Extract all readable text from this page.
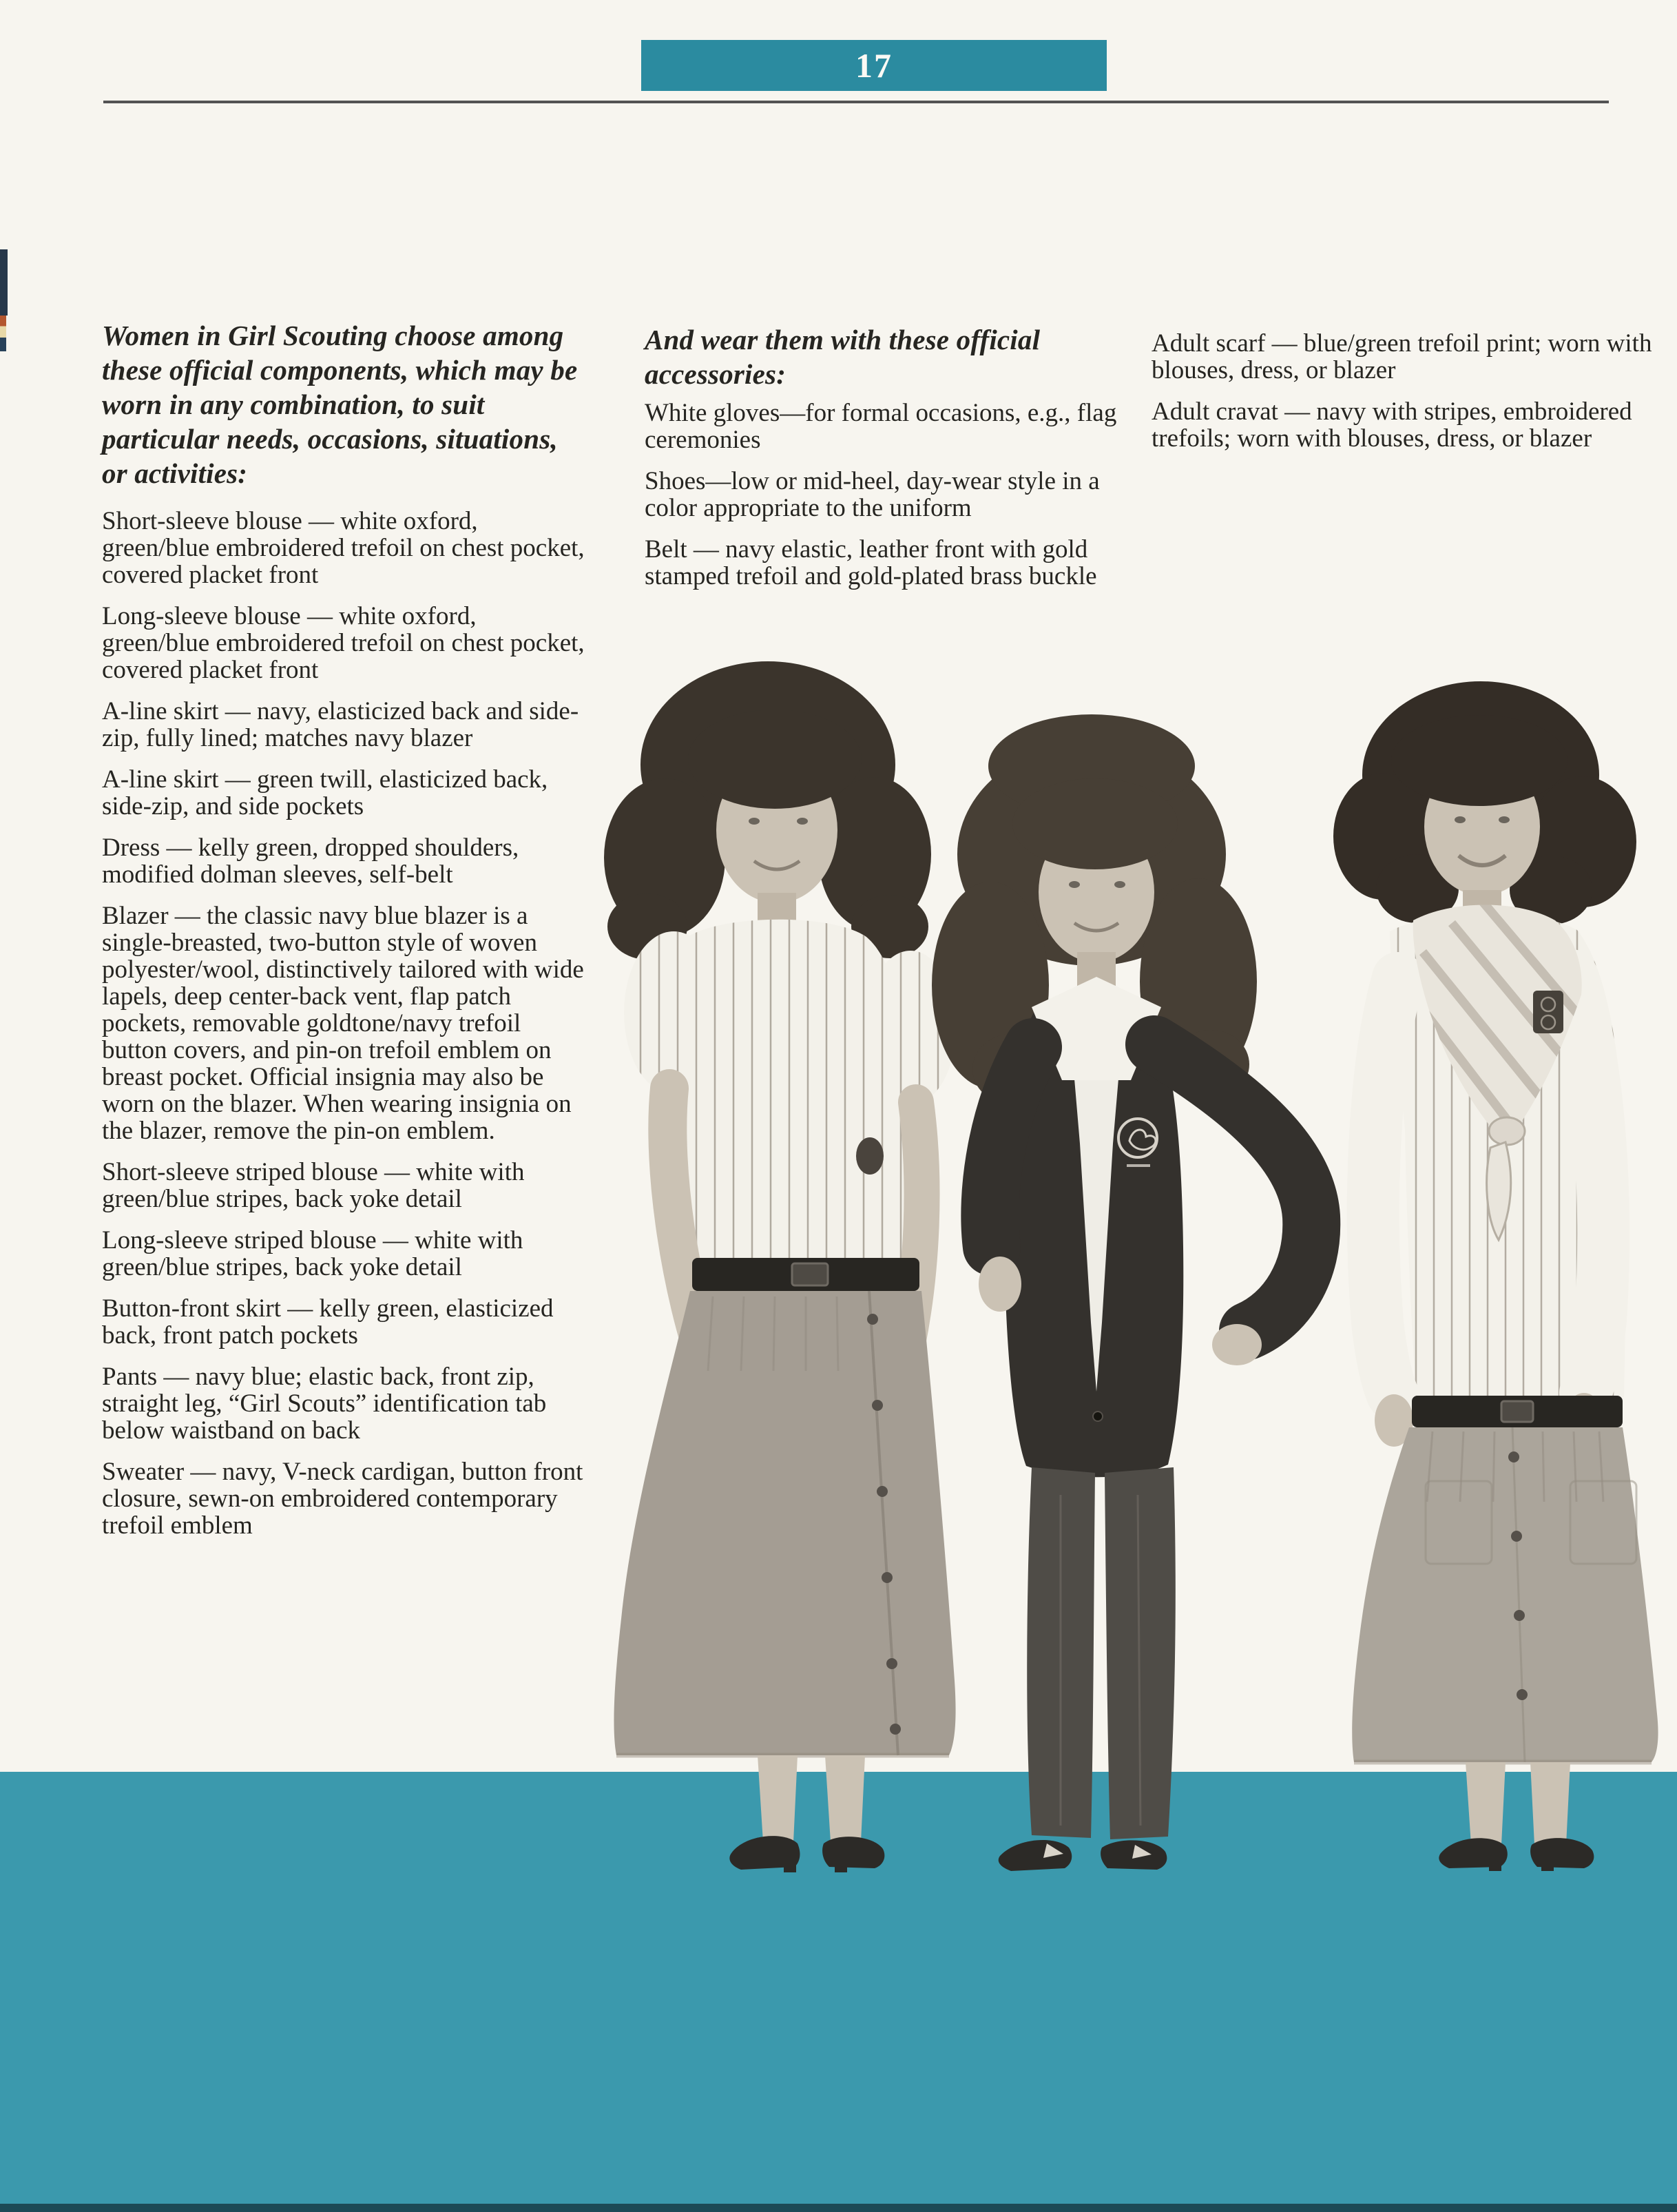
17
Women in Girl Scouting choose among these official components, which may be worn in any combination, to suit particular needs, occasions, situations, or activities:

Short-sleeve blouse — white oxford, green/blue embroidered trefoil on chest pocket, covered placket front

Long-sleeve blouse — white oxford, green/blue embroidered trefoil on chest pocket, covered placket front

A-line skirt — navy, elasticized back and side-zip, fully lined; matches navy blazer

A-line skirt — green twill, elasticized back, side-zip, and side pockets

Dress — kelly green, dropped shoulders, modified dolman sleeves, self-belt

Blazer — the classic navy blue blazer is a single-breasted, two-button style of woven polyester/wool, distinctively tailored with wide lapels, deep center-back vent, flap patch pockets, removable goldtone/navy trefoil button covers, and pin-on trefoil emblem on breast pocket. Official insignia may also be worn on the blazer. When wearing insignia on the blazer, remove the pin-on emblem.

Short-sleeve striped blouse — white with green/blue stripes, back yoke detail

Long-sleeve striped blouse — white with green/blue stripes, back yoke detail

Button-front skirt — kelly green, elasticized back, front patch pockets

Pants — navy blue; elastic back, front zip, straight leg, “Girl Scouts” identification tab below waistband on back

Sweater — navy, V-neck cardigan, button front closure, sewn-on embroidered contemporary trefoil emblem

And wear them with these official accessories:

White gloves—for formal occasions, e.g., flag ceremonies

Shoes—low or mid-heel, day-wear style in a color appropriate to the uniform

Belt — navy elastic, leather front with gold stamped trefoil and gold-plated brass buckle

Adult scarf — blue/green trefoil print; worn with blouses, dress, or blazer

Adult cravat — navy with stripes, embroidered trefoils; worn with blouses, dress, or blazer
